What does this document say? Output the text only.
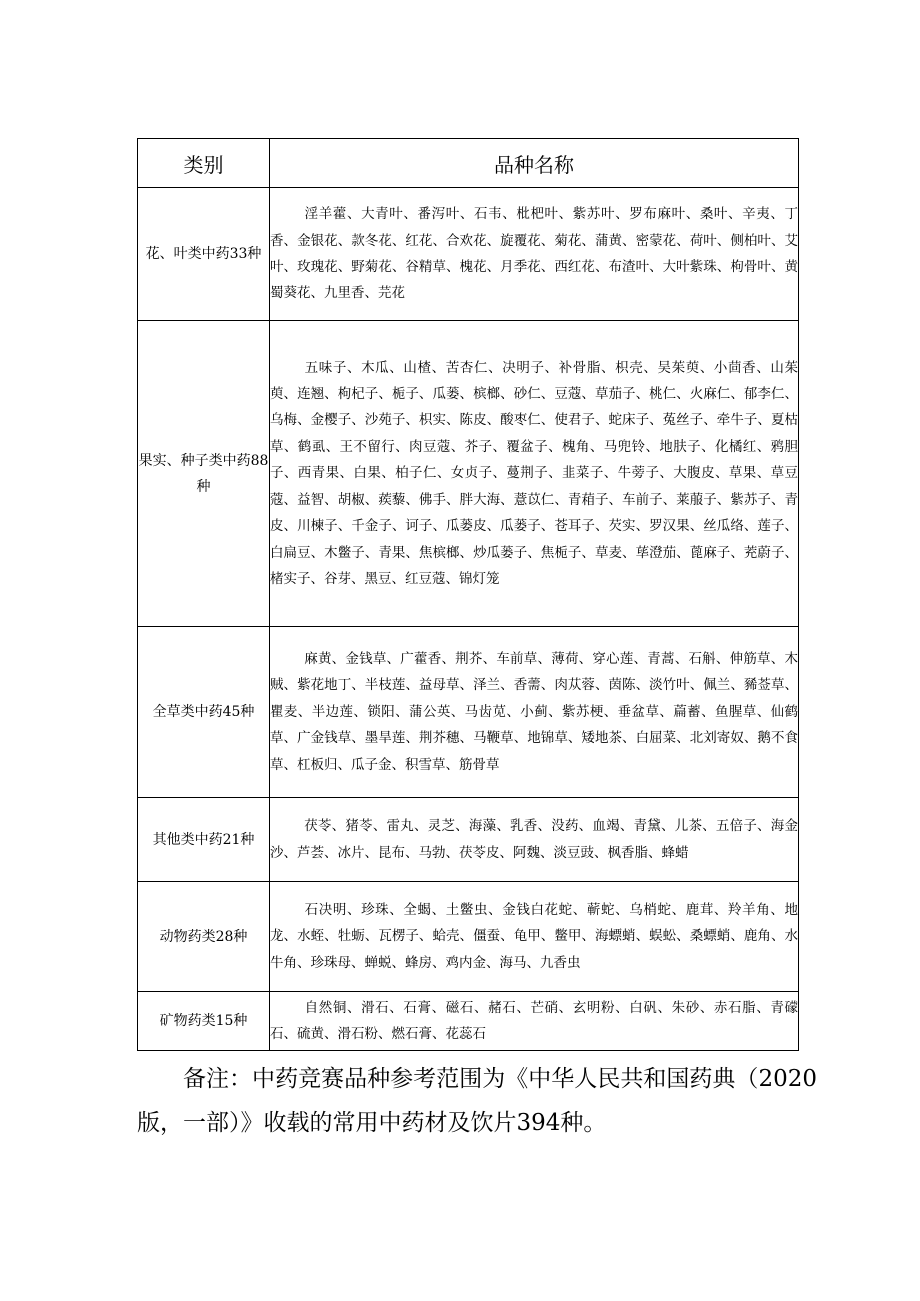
类别	品种名称
花、叶类中药33种	淫羊藿、大青叶、番泻叶、石韦、枇杷叶、紫苏叶、罗布麻叶、桑叶、辛夷、丁香、金银花、款冬花、红花、合欢花、旋覆花、菊花、蒲黄、密蒙花、荷叶、侧柏叶、艾叶、玫瑰花、野菊花、谷精草、槐花、月季花、西红花、布渣叶、大叶紫珠、枸骨叶、黄蜀葵花、九里香、芫花
果实、种子类中药88种	五味子、木瓜、山楂、苦杏仁、决明子、补骨脂、枳壳、吴茱萸、小茴香、山茱萸、连翘、枸杞子、栀子、瓜蒌、槟榔、砂仁、豆蔻、草茄子、桃仁、火麻仁、郁李仁、乌梅、金樱子、沙苑子、枳实、陈皮、酸枣仁、使君子、蛇床子、菟丝子、牵牛子、夏枯草、鹤虱、王不留行、肉豆蔻、芥子、覆盆子、槐角、马兜铃、地肤子、化橘红、鸦胆子、西青果、白果、柏子仁、女贞子、蔓荆子、韭菜子、牛蒡子、大腹皮、草果、草豆蔻、益智、胡椒、蒺藜、佛手、胖大海、薏苡仁、青葙子、车前子、莱菔子、紫苏子、青皮、川楝子、千金子、诃子、瓜蒌皮、瓜蒌子、苍耳子、芡实、罗汉果、丝瓜络、莲子、白扁豆、木鳖子、青果、焦槟榔、炒瓜蒌子、焦栀子、草麦、荜澄茄、蓖麻子、茺蔚子、楮实子、谷芽、黑豆、红豆蔻、锦灯笼
全草类中药45种	麻黄、金钱草、广藿香、荆芥、车前草、薄荷、穿心莲、青蒿、石斛、伸筋草、木贼、紫花地丁、半枝莲、益母草、泽兰、香薷、肉苁蓉、茵陈、淡竹叶、佩兰、豨莶草、瞿麦、半边莲、锁阳、蒲公英、马齿苋、小蓟、紫苏梗、垂盆草、萹蓄、鱼腥草、仙鹤草、广金钱草、墨旱莲、荆芥穗、马鞭草、地锦草、矮地茶、白屈菜、北刘寄奴、鹅不食草、杠板归、瓜子金、积雪草、筋骨草
其他类中药21种	茯苓、猪苓、雷丸、灵芝、海藻、乳香、没药、血竭、青黛、儿茶、五倍子、海金沙、芦荟、冰片、昆布、马勃、茯苓皮、阿魏、淡豆豉、枫香脂、蜂蜡
动物药类28种	石决明、珍珠、全蝎、土鳖虫、金钱白花蛇、蕲蛇、乌梢蛇、鹿茸、羚羊角、地龙、水蛭、牡蛎、瓦楞子、蛤壳、僵蚕、龟甲、鳖甲、海螵蛸、蜈蚣、桑螵蛸、鹿角、水牛角、珍珠母、蝉蜕、蜂房、鸡内金、海马、九香虫
矿物药类15种	自然铜、滑石、石膏、磁石、赭石、芒硝、玄明粉、白矾、朱砂、赤石脂、青礞石、硫黄、滑石粉、燃石膏、花蕊石

备注：中药竞赛品种参考范围为《中华人民共和国药典（2020版，一部）》收载的常用中药材及饮片394种。
